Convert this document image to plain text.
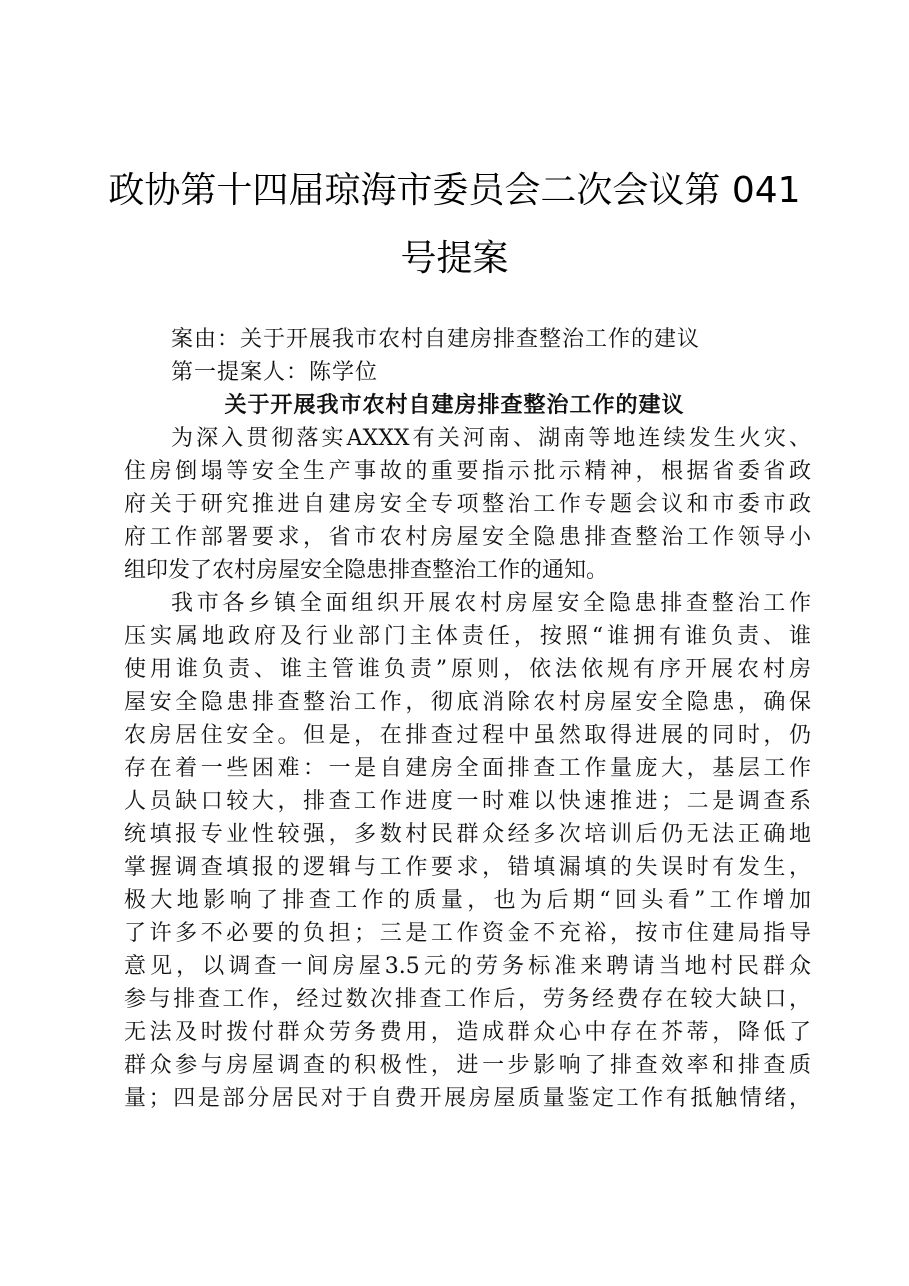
政协第十四届琼海市委员会二次会议第 041
号提案
案由：关于开展我市农村自建房排查整治工作的建议
第一提案人：陈学位
关于开展我市农村自建房排查整治工作的建议
为深入贯彻落实AXXX有关河南、湖南等地连续发生火灾、
住房倒塌等安全生产事故的重要指示批示精神，根据省委省政
府关于研究推进自建房安全专项整治工作专题会议和市委市政
府工作部署要求，省市农村房屋安全隐患排查整治工作领导小
组印发了农村房屋安全隐患排查整治工作的通知。
我市各乡镇全面组织开展农村房屋安全隐患排查整治工作
压实属地政府及行业部门主体责任，按照“谁拥有谁负责、谁
使用谁负责、谁主管谁负责”原则，依法依规有序开展农村房
屋安全隐患排查整治工作，彻底消除农村房屋安全隐患，确保
农房居住安全。但是，在排查过程中虽然取得进展的同时，仍
存在着一些困难：一是自建房全面排查工作量庞大，基层工作
人员缺口较大，排查工作进度一时难以快速推进；二是调查系
统填报专业性较强，多数村民群众经多次培训后仍无法正确地
掌握调查填报的逻辑与工作要求，错填漏填的失误时有发生，
极大地影响了排查工作的质量，也为后期“回头看”工作增加
了许多不必要的负担；三是工作资金不充裕，按市住建局指导
意见，以调查一间房屋3.5元的劳务标准来聘请当地村民群众
参与排查工作，经过数次排查工作后，劳务经费存在较大缺口，
无法及时拨付群众劳务费用，造成群众心中存在芥蒂，降低了
群众参与房屋调查的积极性，进一步影响了排查效率和排查质
量；四是部分居民对于自费开展房屋质量鉴定工作有抵触情绪，
